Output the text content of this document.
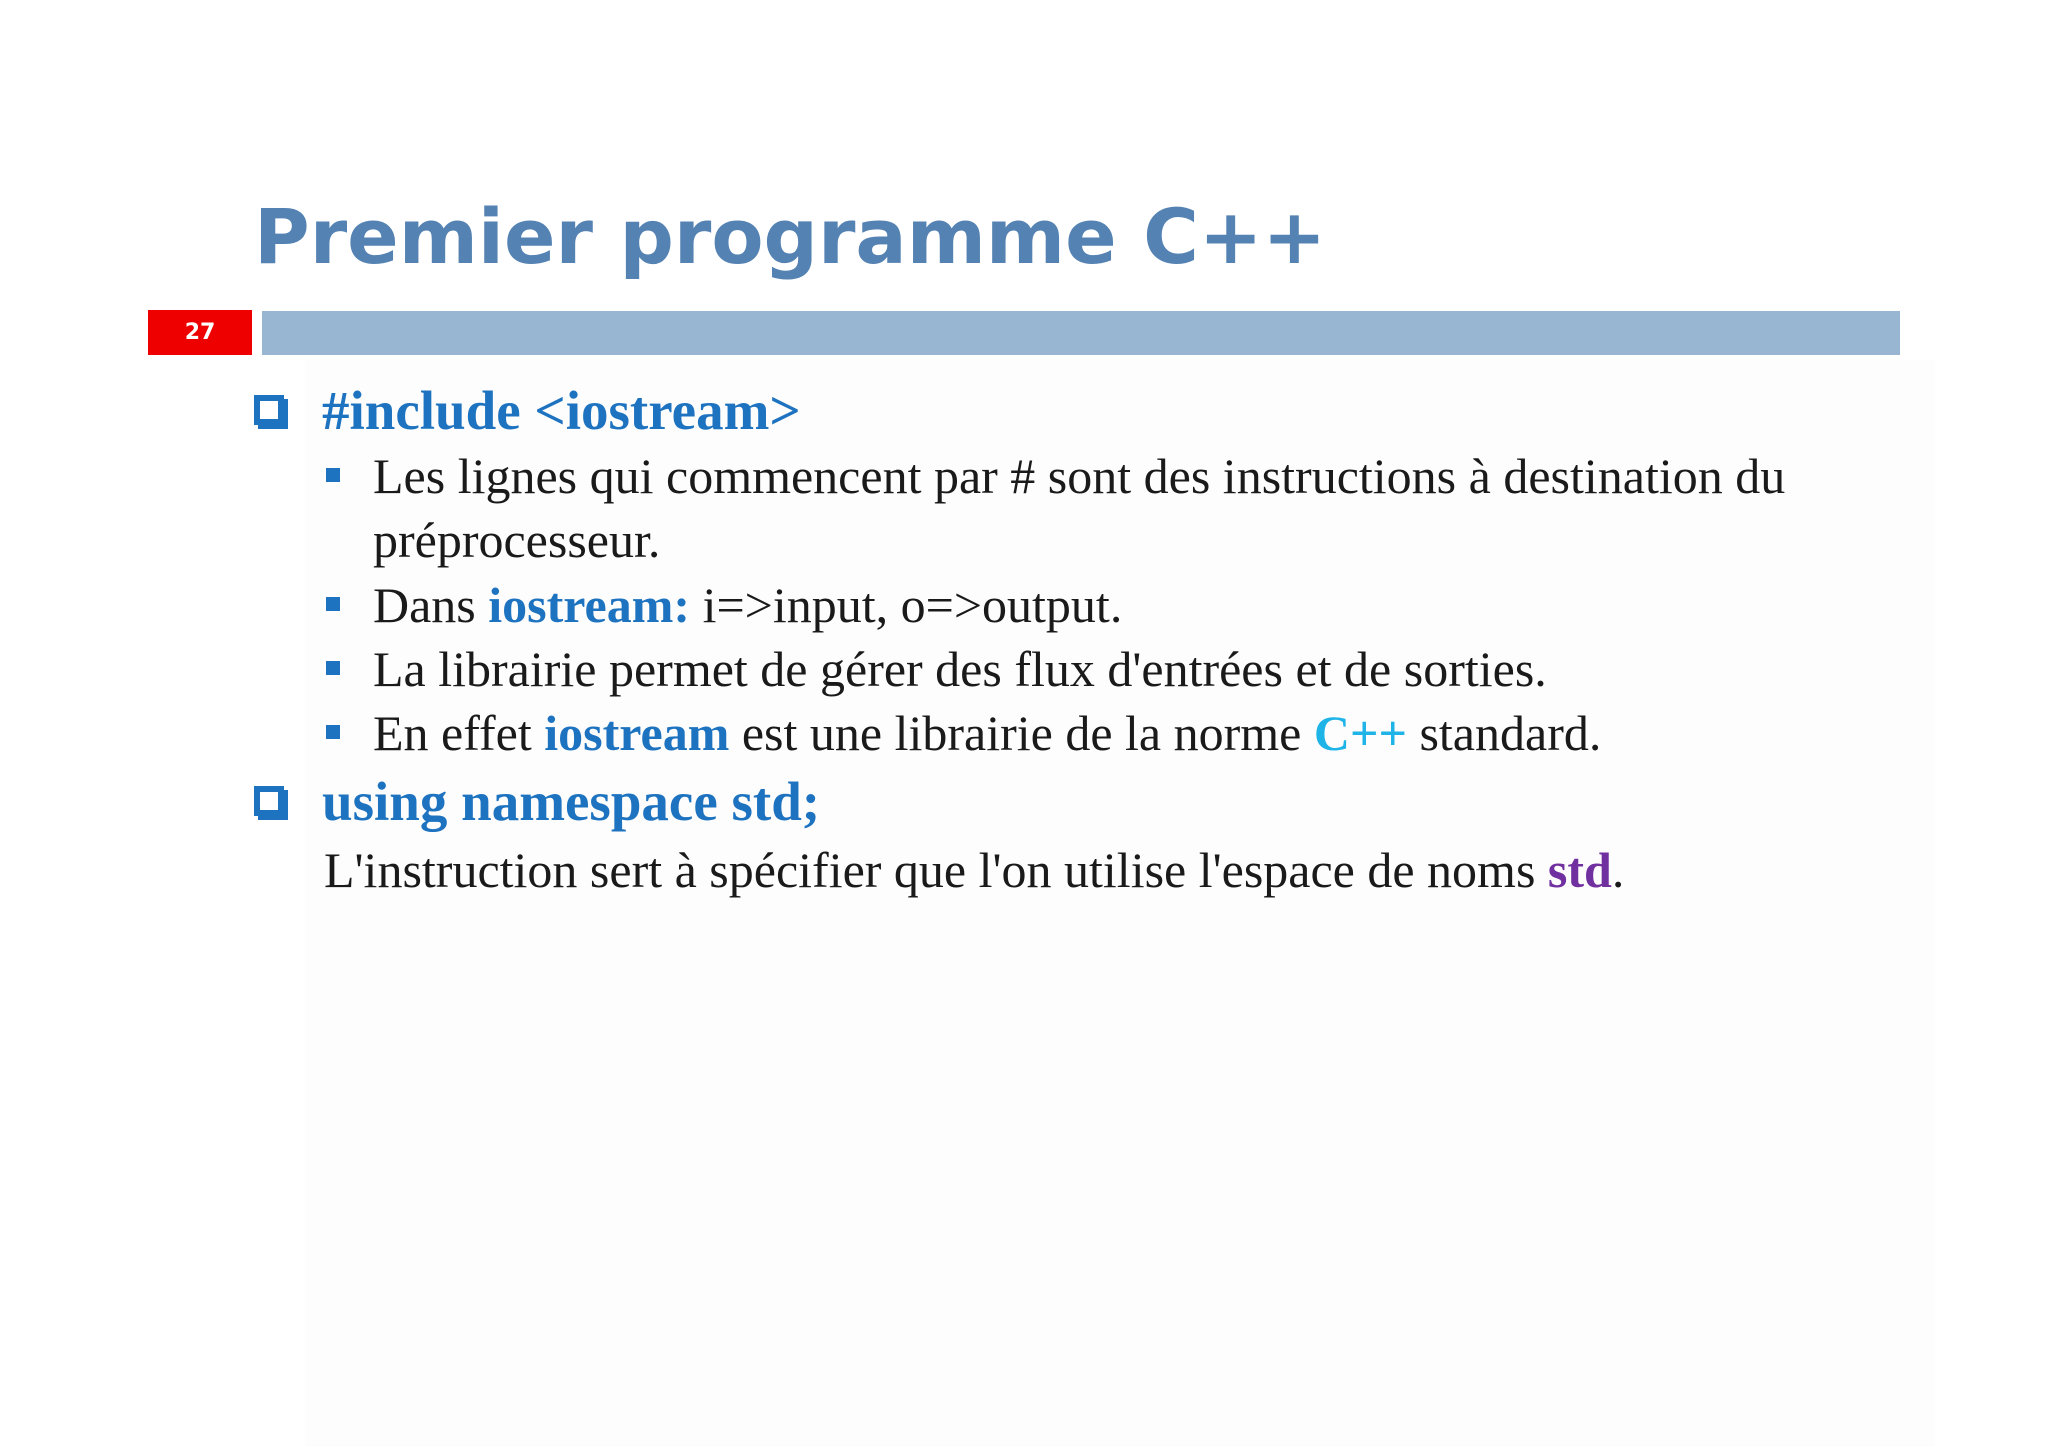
Premier programme C++
27
#include <iostream>
Les lignes qui commencent par # sont des instructions à destination du préprocesseur.
Dans iostream: i=>input, o=>output.
La librairie permet de gérer des flux d'entrées et de sorties.
En effet iostream est une librairie de la norme C++ standard.
using namespace std;
L'instruction sert à spécifier que l'on utilise l'espace de noms std.
